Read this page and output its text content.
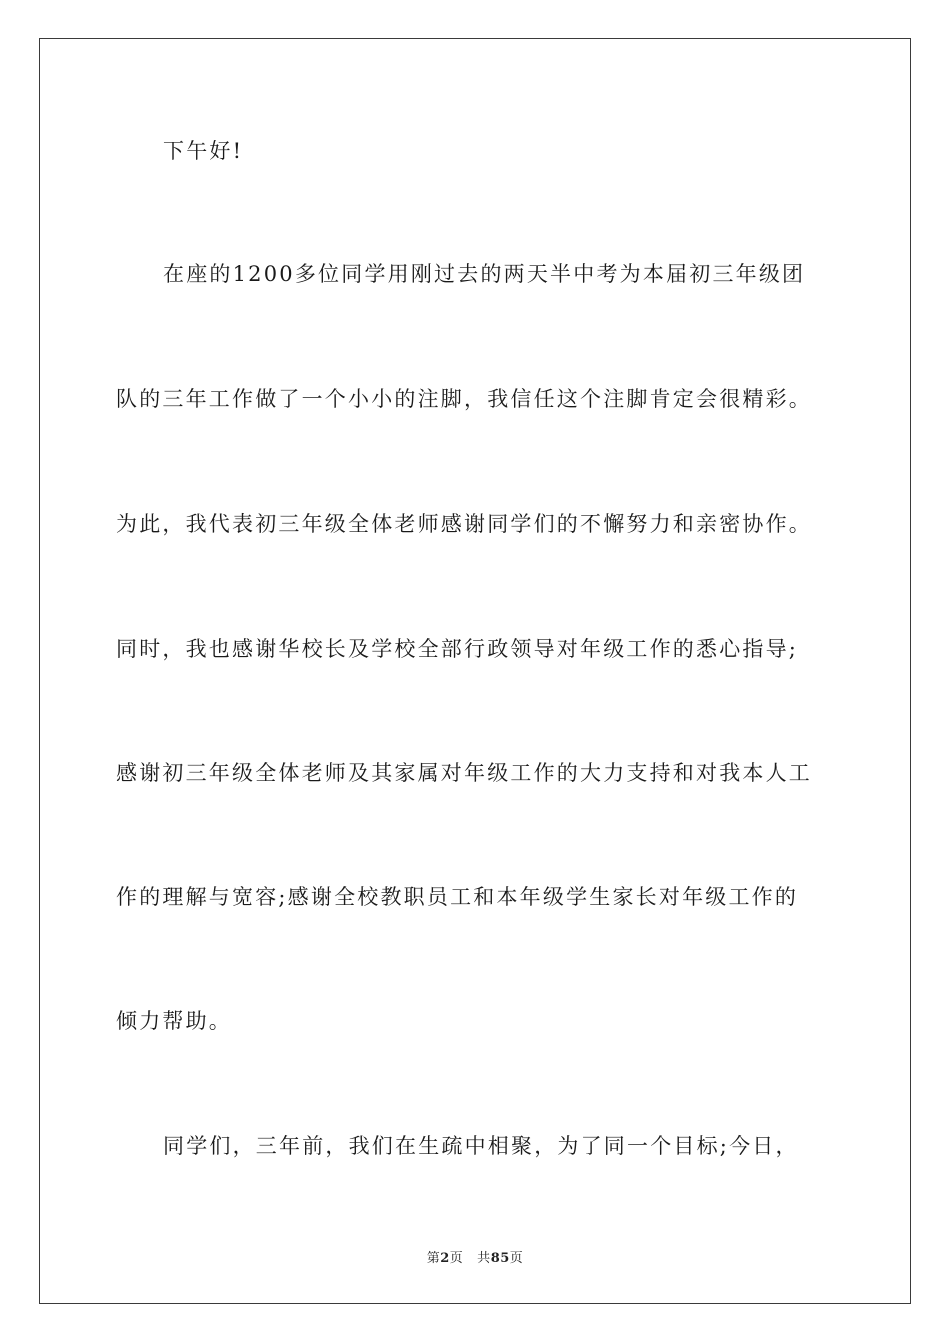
下午好!
在座的1200多位同学用刚过去的两天半中考为本届初三年级团
队的三年工作做了一个小小的注脚，我信任这个注脚肯定会很精彩。
为此，我代表初三年级全体老师感谢同学们的不懈努力和亲密协作。
同时，我也感谢华校长及学校全部行政领导对年级工作的悉心指导;
感谢初三年级全体老师及其家属对年级工作的大力支持和对我本人工
作的理解与宽容;感谢全校教职员工和本年级学生家长对年级工作的
倾力帮助。
同学们，三年前，我们在生疏中相聚，为了同一个目标;今日，
第2页 共85页
